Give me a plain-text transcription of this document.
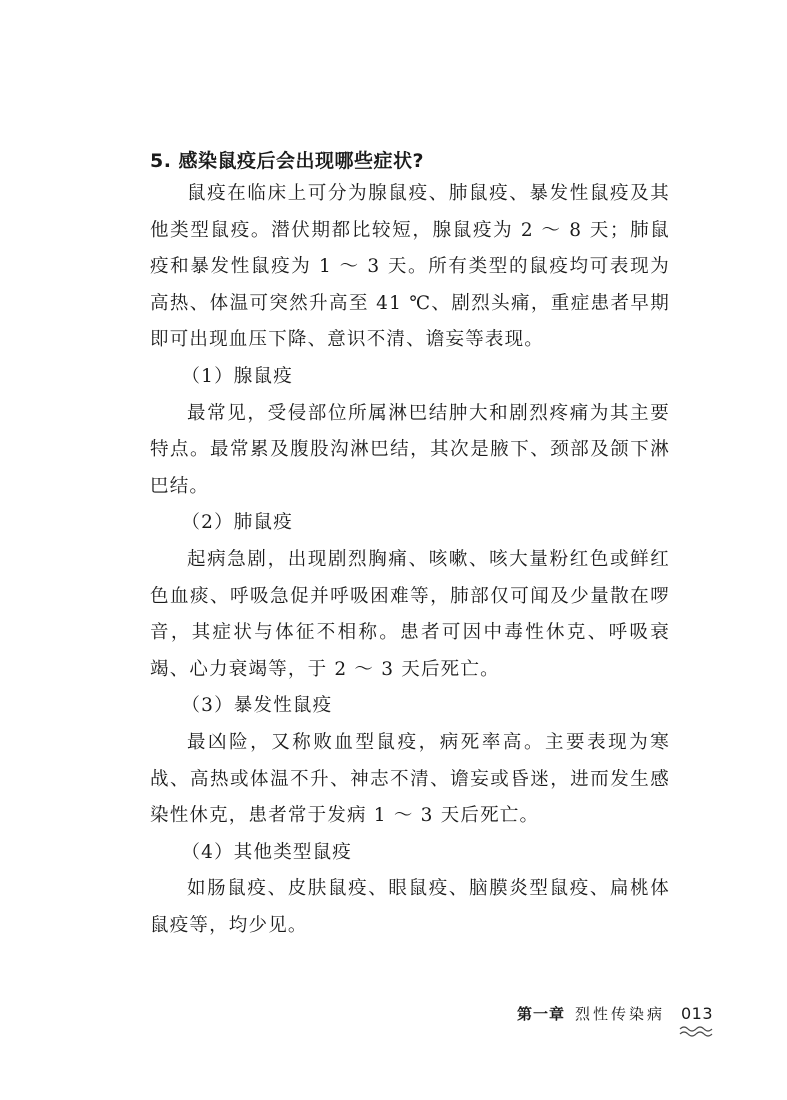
5. 感染鼠疫后会出现哪些症状?

鼠疫在临床上可分为腺鼠疫、肺鼠疫、暴发性鼠疫及其他类型鼠疫。潜伏期都比较短，腺鼠疫为 2 ～ 8 天；肺鼠疫和暴发性鼠疫为 1 ～ 3 天。所有类型的鼠疫均可表现为高热、体温可突然升高至 41 ℃、剧烈头痛，重症患者早期即可出现血压下降、意识不清、谵妄等表现。

（1）腺鼠疫

最常见，受侵部位所属淋巴结肿大和剧烈疼痛为其主要特点。最常累及腹股沟淋巴结，其次是腋下、颈部及颌下淋巴结。

（2）肺鼠疫

起病急剧，出现剧烈胸痛、咳嗽、咳大量粉红色或鲜红色血痰、呼吸急促并呼吸困难等，肺部仅可闻及少量散在啰音，其症状与体征不相称。患者可因中毒性休克、呼吸衰竭、心力衰竭等，于 2 ～ 3 天后死亡。

（3）暴发性鼠疫

最凶险，又称败血型鼠疫，病死率高。主要表现为寒战、高热或体温不升、神志不清、谵妄或昏迷，进而发生感染性休克，患者常于发病 1 ～ 3 天后死亡。

（4）其他类型鼠疫

如肠鼠疫、皮肤鼠疫、眼鼠疫、脑膜炎型鼠疫、扁桃体鼠疫等，均少见。

第一章 烈性传染病 013
